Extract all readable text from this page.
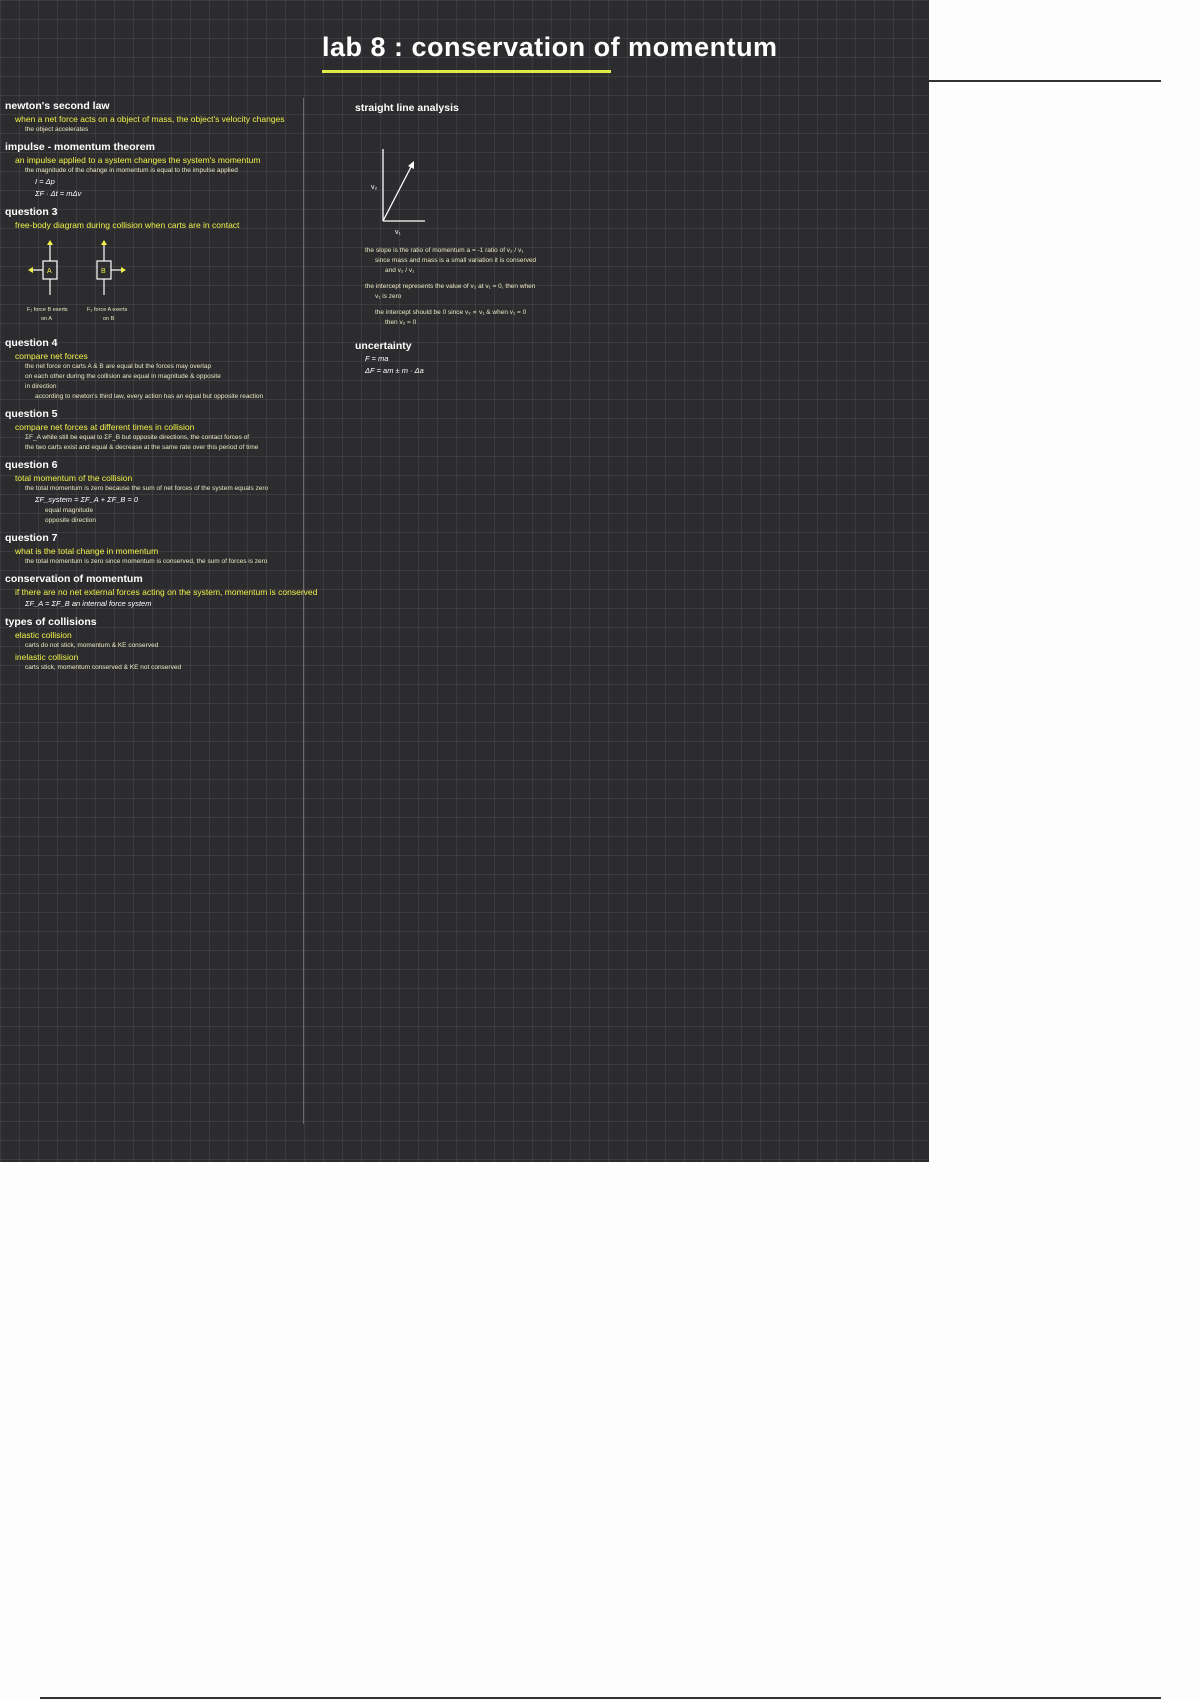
lab 8 : conservation of momentum
newton's second law
when a net force acts on a object of mass, the object's velocity changes
the object accelerates
impulse - momentum theorem
an impulse applied to a system changes the system's momentum
the magnitude of the change in momentum is equal to the impulse applied
I = Δp
ΣF · Δt = mΔv
question 3
free-body diagram during collision when carts are in contact
A	B
F₁ force B exerts
on A
F₂ force A exerts
on B
question 4
compare net forces
the net force on carts A & B are equal but the forces may overlap
on each other during the collision are equal in magnitude & opposite
in direction
according to newton's third law, every action has an equal but opposite reaction
question 5
compare net forces at different times in collision
ΣF_A while still be equal to ΣF_B but opposite directions, the contact forces of
the two carts exist and equal & decrease at the same rate over this period of time
question 6
total momentum of the collision
the total momentum is zero because the sum of net forces of the system equals zero
ΣF_system = ΣF_A + ΣF_B = 0
equal magnitude
opposite direction
question 7
what is the total change in momentum
the total momentum is zero since momentum is conserved, the sum of forces is zero
conservation of momentum
if there are no net external forces acting on the system, momentum is conserved
ΣF_A = ΣF_B an internal force system
types of collisions
elastic collision
carts do not stick, momentum & KE conserved
inelastic collision
carts stick, momentum conserved & KE not conserved
straight line analysis
v₂
v₁
the slope is the ratio of momentum a = -1 ratio of v₂ / v₁
since mass and mass is a small variation it is conserved
and v₂ / v₁
the intercept represents the value of v₂ at v₁ = 0, then when
v₁ is zero
the intercept should be 0 since v₂ ∝ v₁ & when v₁ = 0
then v₂ = 0
uncertainty
F = ma
ΔF = am ± m · Δa
